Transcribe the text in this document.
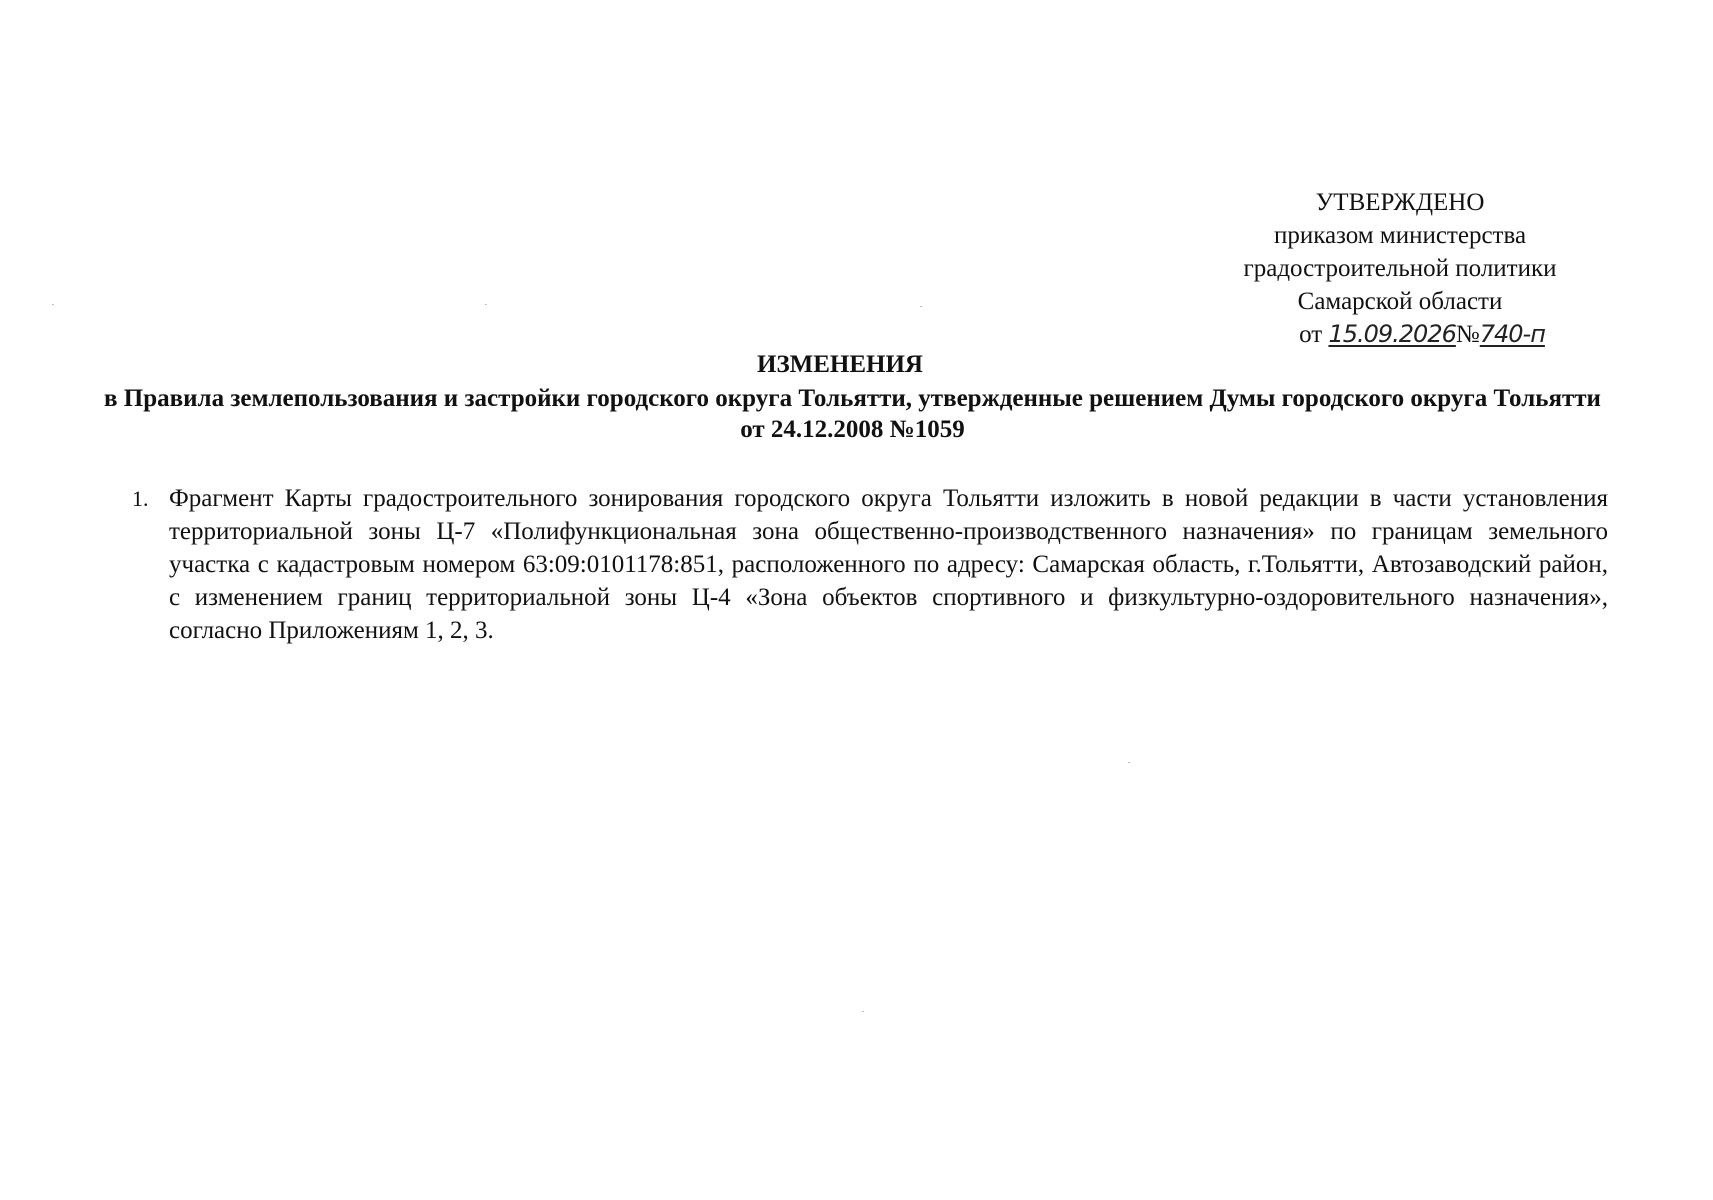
УТВЕРЖДЕНО
приказом министерства
градостроительной политики
Самарской области
от 15.09.2026№740-п
ИЗМЕНЕНИЯ
в Правила землепользования и застройки городского округа Тольятти, утвержденные решением Думы городского округа Тольятти от 24.12.2008 №1059
1. Фрагмент Карты градостроительного зонирования городского округа Тольятти изложить в новой редакции в части установления территориальной зоны Ц-7 «Полифункциональная зона общественно-производственного назначения» по границам земельного участка с кадастровым номером 63:09:0101178:851, расположенного по адресу: Самарская область, г.Тольятти, Автозаводский район, с изменением границ территориальной зоны Ц-4 «Зона объектов спортивного и физкультурно-оздоровительного назначения», согласно Приложениям 1, 2, 3.
